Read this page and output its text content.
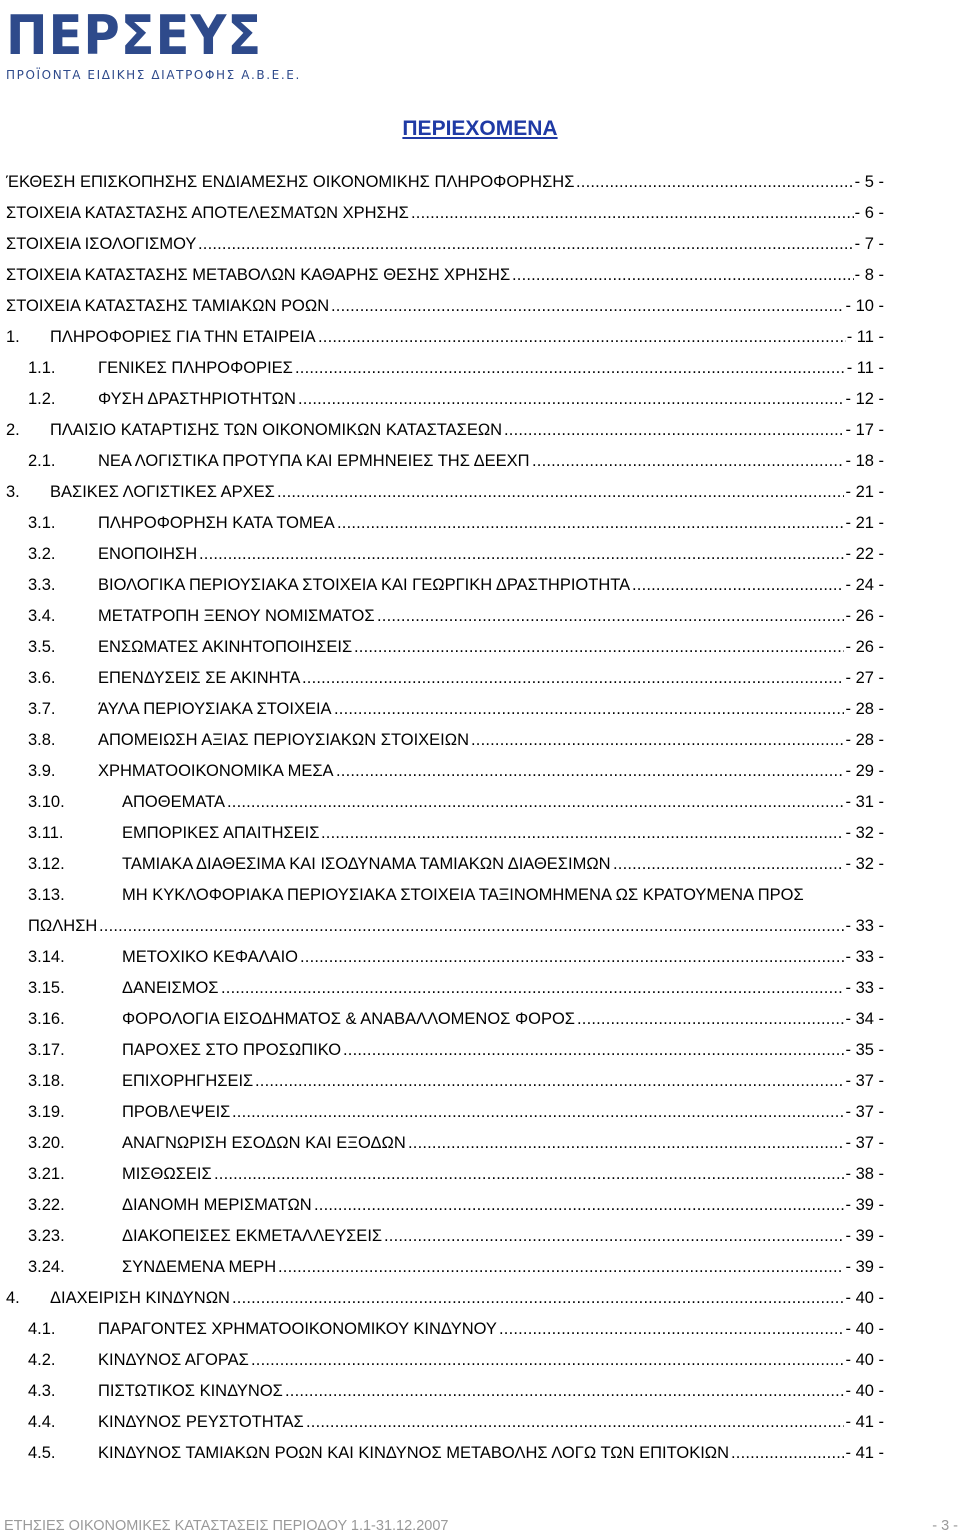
ΠΕΡΣΕΥΣ
ΠΡΟΪΟΝΤΑ ΕΙΔΙΚΗΣ ΔΙΑΤΡΟΦΗΣ Α.Β.Ε.Ε.
ΠΕΡΙΕΧΟΜΕΝΑ
ΈΚΘΕΣΗ ΕΠΙΣΚΟΠΗΣΗΣ ΕΝΔΙΑΜΕΣΗΣ ΟΙΚΟΝΟΜΙΚΗΣ ΠΛΗΡΟΦΟΡΗΣΗΣ .....	- 5 -
ΣΤΟΙΧΕΙΑ ΚΑΤΑΣΤΑΣΗΣ ΑΠΟΤΕΛΕΣΜΑΤΩΝ ΧΡΗΣΗΣ .....	- 6 -
ΣΤΟΙΧΕΙΑ ΙΣΟΛΟΓΙΣΜΟΥ .....	- 7 -
ΣΤΟΙΧΕΙΑ ΚΑΤΑΣΤΑΣΗΣ ΜΕΤΑΒΟΛΩΝ ΚΑΘΑΡΗΣ ΘΕΣΗΣ ΧΡΗΣΗΣ .....	- 8 -
ΣΤΟΙΧΕΙΑ ΚΑΤΑΣΤΑΣΗΣ ΤΑΜΙΑΚΩΝ ΡΟΩΝ .....	- 10 -
1. ΠΛΗΡΟΦΟΡΙΕΣ ΓΙΑ ΤΗΝ ΕΤΑΙΡΕΙΑ .....	- 11 -
1.1.	ΓΕΝΙΚΕΣ ΠΛΗΡΟΦΟΡΙΕΣ .....	- 11 -
1.2.	ΦΥΣΗ ΔΡΑΣΤΗΡΙΟΤΗΤΩΝ .....	- 12 -
2. ΠΛΑΙΣΙΟ ΚΑΤΑΡΤΙΣΗΣ ΤΩΝ ΟΙΚΟΝΟΜΙΚΩΝ ΚΑΤΑΣΤΑΣΕΩΝ .....	- 17 -
2.1.	ΝΕΑ ΛΟΓΙΣΤΙΚΑ ΠΡΟΤΥΠΑ ΚΑΙ ΕΡΜΗΝΕΙΕΣ ΤΗΣ ΔΕΕΧΠ .....	- 18 -
3. ΒΑΣΙΚΕΣ ΛΟΓΙΣΤΙΚΕΣ ΑΡΧΕΣ .....	- 21 -
3.1.	ΠΛΗΡΟΦΟΡΗΣΗ ΚΑΤΑ ΤΟΜΕΑ .....	- 21 -
3.2.	ΕΝΟΠΟΙΗΣΗ .....	- 22 -
3.3.	ΒΙΟΛΟΓΙΚΑ ΠΕΡΙΟΥΣΙΑΚΑ ΣΤΟΙΧΕΙΑ ΚΑΙ ΓΕΩΡΓΙΚΗ ΔΡΑΣΤΗΡΙΟΤΗΤΑ .....	- 24 -
3.4.	ΜΕΤΑΤΡΟΠΗ ΞΕΝΟΥ ΝΟΜΙΣΜΑΤΟΣ .....	- 26 -
3.5.	ΕΝΣΩΜΑΤΕΣ ΑΚΙΝΗΤΟΠΟΙΗΣΕΙΣ .....	- 26 -
3.6.	ΕΠΕΝΔΥΣΕΙΣ ΣΕ ΑΚΙΝΗΤΑ .....	- 27 -
3.7.	ΆΥΛΑ ΠΕΡΙΟΥΣΙΑΚΑ ΣΤΟΙΧΕΙΑ .....	- 28 -
3.8.	ΑΠΟΜΕΙΩΣΗ ΑΞΙΑΣ ΠΕΡΙΟΥΣΙΑΚΩΝ ΣΤΟΙΧΕΙΩΝ .....	- 28 -
3.9.	ΧΡΗΜΑΤΟΟΙΚΟΝΟΜΙΚΑ ΜΕΣΑ .....	- 29 -
3.10.	ΑΠΟΘΕΜΑΤΑ .....	- 31 -
3.11.	ΕΜΠΟΡΙΚΕΣ ΑΠΑΙΤΗΣΕΙΣ .....	- 32 -
3.12.	ΤΑΜΙΑΚΑ ΔΙΑΘΕΣΙΜΑ ΚΑΙ ΙΣΟΔΥΝΑΜΑ ΤΑΜΙΑΚΩΝ ΔΙΑΘΕΣΙΜΩΝ .....	- 32 -
3.13.	ΜΗ ΚΥΚΛΟΦΟΡΙΑΚΑ ΠΕΡΙΟΥΣΙΑΚΑ ΣΤΟΙΧΕΙΑ ΤΑΞΙΝΟΜΗΜΕΝΑ ΩΣ ΚΡΑΤΟΥΜΕΝΑ ΠΡΟΣ
ΠΩΛΗΣΗ .....	- 33 -
3.14.	ΜΕΤΟΧΙΚΟ ΚΕΦΑΛΑΙΟ .....	- 33 -
3.15.	ΔΑΝΕΙΣΜΟΣ .....	- 33 -
3.16.	ΦΟΡΟΛΟΓΙΑ ΕΙΣΟΔΗΜΑΤΟΣ & ΑΝΑΒΑΛΛΟΜΕΝΟΣ ΦΟΡΟΣ .....	- 34 -
3.17.	ΠΑΡΟΧΕΣ ΣΤΟ ΠΡΟΣΩΠΙΚΟ .....	- 35 -
3.18.	ΕΠΙΧΟΡΗΓΗΣΕΙΣ .....	- 37 -
3.19.	ΠΡΟΒΛΕΨΕΙΣ .....	- 37 -
3.20.	ΑΝΑΓΝΩΡΙΣΗ ΕΣΟΔΩΝ ΚΑΙ ΕΞΟΔΩΝ .....	- 37 -
3.21.	ΜΙΣΘΩΣΕΙΣ .....	- 38 -
3.22.	ΔΙΑΝΟΜΗ ΜΕΡΙΣΜΑΤΩΝ .....	- 39 -
3.23.	ΔΙΑΚΟΠΕΙΣΕΣ ΕΚΜΕΤΑΛΛΕΥΣΕΙΣ .....	- 39 -
3.24.	ΣΥΝΔΕΜΕΝΑ ΜΕΡΗ .....	- 39 -
4. ΔΙΑΧΕΙΡΙΣΗ ΚΙΝΔΥΝΩΝ .....	- 40 -
4.1.	ΠΑΡΑΓΟΝΤΕΣ ΧΡΗΜΑΤΟΟΙΚΟΝΟΜΙΚΟΥ ΚΙΝΔΥΝΟΥ .....	- 40 -
4.2.	ΚΙΝΔΥΝΟΣ ΑΓΟΡΑΣ .....	- 40 -
4.3.	ΠΙΣΤΩΤΙΚΟΣ ΚΙΝΔΥΝΟΣ .....	- 40 -
4.4.	ΚΙΝΔΥΝΟΣ ΡΕΥΣΤΟΤΗΤΑΣ .....	- 41 -
4.5.	ΚΙΝΔΥΝΟΣ ΤΑΜΙΑΚΩΝ ΡΟΩΝ ΚΑΙ ΚΙΝΔΥΝΟΣ ΜΕΤΑΒΟΛΗΣ ΛΟΓΩ ΤΩΝ ΕΠΙΤΟΚΙΩΝ .....	- 41 -
ΕΤΗΣΙΕΣ ΟΙΚΟΝΟΜΙΚΕΣ ΚΑΤΑΣΤΑΣΕΙΣ ΠΕΡΙΟΔΟΥ 1.1-31.12.2007	- 3 -
